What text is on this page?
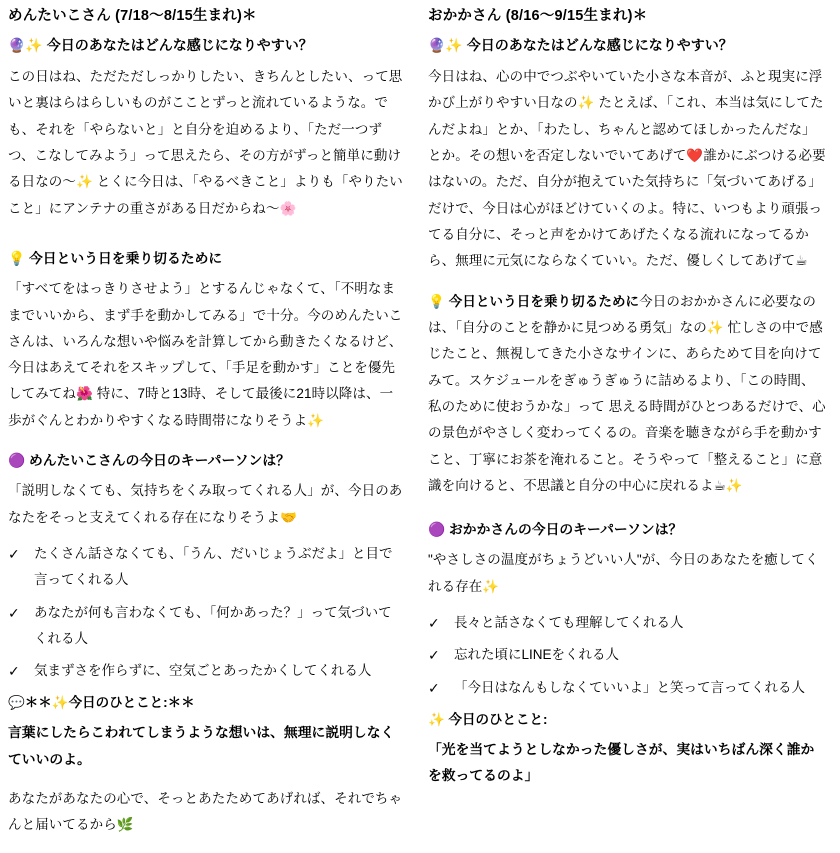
めんたいこさん (7/18〜8/15生まれ)＊
🔮✨ 今日のあなたはどんな感じになりやすい？

この日はね、ただただしっかりしたい、きちんとしたい、って思いと裏はらはらしいものがこことずっと流れているような。でも、それを「やらないと」と自分を迫めるより、「ただ一つずつ、こなしてみよう」って思えたら、その方がずっと簡単に動ける日なの〜✨ とくに今日は、「やるべきこと」よりも「やりたいこと」にアンテナの重さがある日だからね〜🌸

💡 今日という日を乗り切るために

「すべてをはっきりさせよう」とするんじゃなくて、「不明なままでいいから、まず手を動かしてみる」で十分。今のめんたいこさんは、いろんな想いや悩みを計算してから動きたくなるけど、今日はあえてそれをスキップして、「手足を動かす」ことを優先してみてね🌺 特に、7時と13時、そして最後に21時以降は、一歩がぐんとわかりやすくなる時間帯になりそうよ✨

🟣 めんたいこさんの今日のキーパーソンは？

「説明しなくても、気持ちをくみ取ってくれる人」が、今日のあなたをそっと支えてくれる存在になりそうよ🤝

✓ たくさん話さなくても、「うん、だいじょうぶだよ」と目で言ってくれる人
✓ あなたが何も言わなくても、「何かあった？」って気づいてくれる人
✓ 気まずさを作らずに、空気ごとあったかくしてくれる人
💬＊＊✨今日のひとこと:＊＊
言葉にしたらこわれてしまうような想いは、無理に説明しなくていいのよ。

あなたがあなたの心で、そっとあたためてあげれば、それでちゃんと届いてるから🌿

おかかさん (8/16〜9/15生まれ)＊
🔮✨ 今日のあなたはどんな感じになりやすい？

今日はね、心の中でつぶやいていた小さな本音が、ふと現実に浮かび上がりやすい日なの✨ たとえば、「これ、本当は気にしてたんだよね」とか、「わたし、ちゃんと認めてほしかったんだな」とか。その想いを否定しないでいてあげて❤️誰かにぶつける必要はないの。ただ、自分が抱えていた気持ちに「気づいてあげる」だけで、今日は心がほどけていくのよ。特に、いつもより頑張ってる自分に、そっと声をかけてあげたくなる流れになってるから、無理に元気にならなくていい。ただ、優しくしてあげて☕

💡 今日という日を乗り切るために今日のおかかさんに必要なのは、「自分のことを静かに見つめる勇気」なの✨ 忙しさの中で感じたこと、無視してきた小さなサインに、あらためて目を向けてみて。スケジュールをぎゅうぎゅうに詰めるより、「この時間、私のために使おうかな」って 思える時間がひとつあるだけで、心の景色がやさしく変わってくるの。音楽を聴きながら手を動かすこと、丁寧にお茶を淹れること。そうやって「整えること」に意識を向けると、不思議と自分の中心に戻れるよ☕✨
🟣 おかかさんの今日のキーパーソンは？

"やさしさの温度がちょうどいい人"が、今日のあなたを癒してくれる存在✨

✓ 長々と話さなくても理解してくれる人
✓ 忘れた頃にLINEをくれる人
✓ 「今日はなんもしなくていいよ」と笑って言ってくれる人
✨ 今日のひとこと:
「光を当てようとしなかった優しさが、実はいちばん深く誰かを救ってるのよ」
